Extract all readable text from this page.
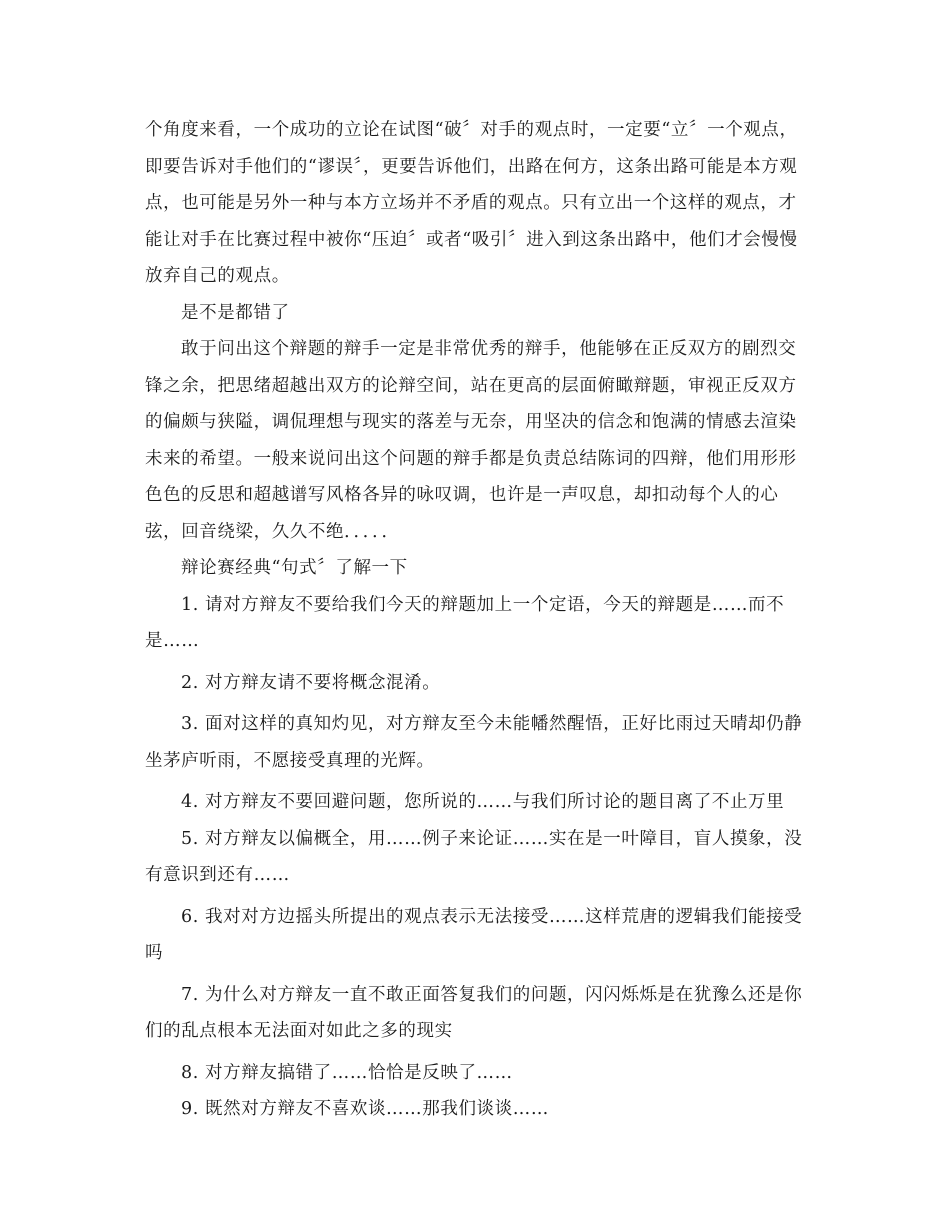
个角度来看，一个成功的立论在试图“破〞对手的观点时，一定要“立〞一个观点，即要告诉对手他们的“谬误〞，更要告诉他们，出路在何方，这条出路可能是本方观点，也可能是另外一种与本方立场并不矛盾的观点。只有立出一个这样的观点，才能让对手在比赛过程中被你“压迫〞或者“吸引〞进入到这条出路中，他们才会慢慢放弃自己的观点。

是不是都错了

敢于问出这个辩题的辩手一定是非常优秀的辩手，他能够在正反双方的剧烈交锋之余，把思绪超越出双方的论辩空间，站在更高的层面俯瞰辩题，审视正反双方的偏颇与狭隘，调侃理想与现实的落差与无奈，用坚决的信念和饱满的情感去渲染未来的希望。一般来说问出这个问题的辩手都是负责总结陈词的四辩，他们用形形色色的反思和超越谱写风格各异的咏叹调，也许是一声叹息，却扣动每个人的心弦，回音绕梁，久久不绝．．．．．

辩论赛经典“句式〞了解一下

1. 请对方辩友不要给我们今天的辩题加上一个定语，今天的辩题是……而不是……

2. 对方辩友请不要将概念混淆。

3. 面对这样的真知灼见，对方辩友至今未能幡然醒悟，正好比雨过天晴却仍静坐茅庐听雨，不愿接受真理的光辉。

4. 对方辩友不要回避问题，您所说的……与我们所讨论的题目离了不止万里

5. 对方辩友以偏概全，用……例子来论证……实在是一叶障目，盲人摸象，没有意识到还有……

6. 我对对方边摇头所提出的观点表示无法接受……这样荒唐的逻辑我们能接受吗

7. 为什么对方辩友一直不敢正面答复我们的问题，闪闪烁烁是在犹豫么还是你们的乱点根本无法面对如此之多的现实

8. 对方辩友搞错了……恰恰是反映了……

9. 既然对方辩友不喜欢谈……那我们谈谈……
